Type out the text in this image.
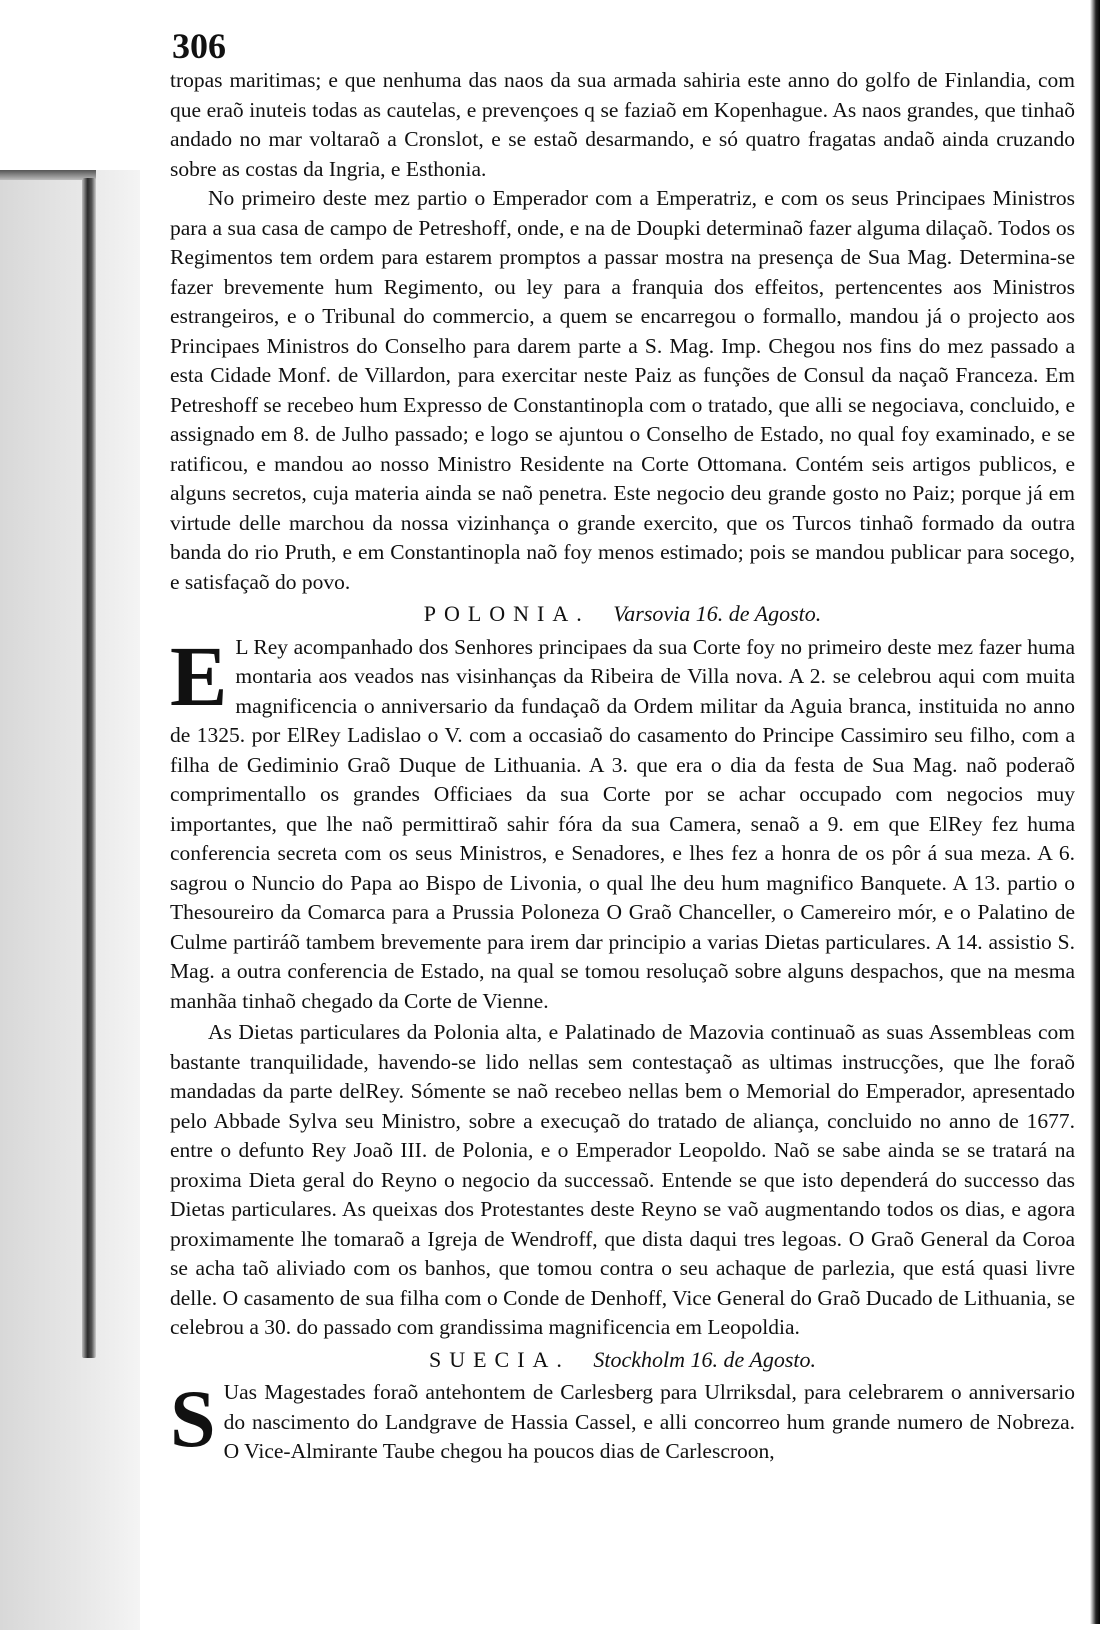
306

tropas maritimas; e que nenhuma das naos da sua armada sahiria este anno do golfo de Finlandia, com que eraõ inuteis todas as cautelas, e prevençoes q se faziaõ em Kopenhague. As naos grandes, que tinhaõ andado no mar voltaraõ a Cronslot, e se estaõ desarmando, e só quatro fragatas andaõ ainda cruzando sobre as costas da Ingria, e Esthonia.

No primeiro deste mez partio o Emperador com a Emperatriz, e com os seus Principaes Ministros para a sua casa de campo de Petreshoff, onde, e na de Doupki determinaõ fazer alguma dilaçaõ. Todos os Regimentos tem ordem para estarem promptos a passar mostra na presença de Sua Mag. Determina-se fazer brevemente hum Regimento, ou ley para a franquia dos effeitos, pertencentes aos Ministros estrangeiros, e o Tribunal do commercio, a quem se encarregou o formallo, mandou já o projecto aos Principaes Ministros do Conselho para darem parte a S. Mag. Imp. Chegou nos fins do mez passado a esta Cidade Monf. de Villardon, para exercitar neste Paiz as funções de Consul da naçaõ Franceza. Em Petreshoff se recebeo hum Expresso de Constantinopla com o tratado, que alli se negociava, concluido, e assignado em 8. de Julho passado; e logo se ajuntou o Conselho de Estado, no qual foy examinado, e se ratificou, e mandou ao nosso Ministro Residente na Corte Ottomana. Contém seis artigos publicos, e alguns secretos, cuja materia ainda se naõ penetra. Este negocio deu grande gosto no Paiz; porque já em virtude delle marchou da nossa vizinhança o grande exercito, que os Turcos tinhaõ formado da outra banda do rio Pruth, e em Constantinopla naõ foy menos estimado; pois se mandou publicar para socego, e satisfaçaõ do povo.

POLONIA. Varsovia 16. de Agosto.

E L Rey acompanhado dos Senhores principaes da sua Corte foy no primeiro deste mez fazer huma montaria aos veados nas visinhanças da Ribeira de Villa nova. A 2. se celebrou aqui com muita magnificencia o anniversario da fundaçaõ da Ordem militar da Aguia branca, instituida no anno de 1325. por ElRey Ladislao o V. com a occasiaõ do casamento do Principe Cassimiro seu filho, com a filha de Gediminio Graõ Duque de Lithuania. A 3. que era o dia da festa de Sua Mag. naõ poderaõ comprimentallo os grandes Officiaes da sua Corte por se achar occupado com negocios muy importantes, que lhe naõ permittiraõ sahir fóra da sua Camera, senaõ a 9. em que ElRey fez huma conferencia secreta com os seus Ministros, e Senadores, e lhes fez a honra de os pôr á sua meza. A 6. sagrou o Nuncio do Papa ao Bispo de Livonia, o qual lhe deu hum magnifico Banquete. A 13. partio o Thesoureiro da Comarca para a Prussia Poloneza O Graõ Chanceller, o Camereiro mór, e o Palatino de Culme partiráõ tambem brevemente para irem dar principio a varias Dietas particulares. A 14. assistio S. Mag. a outra conferencia de Estado, na qual se tomou resoluçaõ sobre alguns despachos, que na mesma manhãa tinhaõ chegado da Corte de Vienne.

As Dietas particulares da Polonia alta, e Palatinado de Mazovia continuaõ as suas Assembleas com bastante tranquilidade, havendo-se lido nellas sem contestaçaõ as ultimas instrucções, que lhe foraõ mandadas da parte delRey. Sómente se naõ recebeo nellas bem o Memorial do Emperador, apresentado pelo Abbade Sylva seu Ministro, sobre a execuçaõ do tratado de aliança, concluido no anno de 1677. entre o defunto Rey Joaõ III. de Polonia, e o Emperador Leopoldo. Naõ se sabe ainda se se tratará na proxima Dieta geral do Reyno o negocio da successaõ. Entende se que isto dependerá do successo das Dietas particulares. As queixas dos Protestantes deste Reyno se vaõ augmentando todos os dias, e agora proximamente lhe tomaraõ a Igreja de Wendroff, que dista daqui tres legoas. O Graõ General da Coroa se acha taõ aliviado com os banhos, que tomou contra o seu achaque de parlezia, que está quasi livre delle. O casamento de sua filha com o Conde de Denhoff, Vice General do Graõ Ducado de Lithuania, se celebrou a 30. do passado com grandissima magnificencia em Leopoldia.

SUECIA. Stockholm 16. de Agosto.

S Uas Magestades foraõ antehontem de Carlesberg para Ulrriksdal, para celebrarem o anniversario do nascimento do Landgrave de Hassia Cassel, e alli concorreo hum grande numero de Nobreza. O Vice-Almirante Taube chegou ha poucos dias de Carlescroon,
